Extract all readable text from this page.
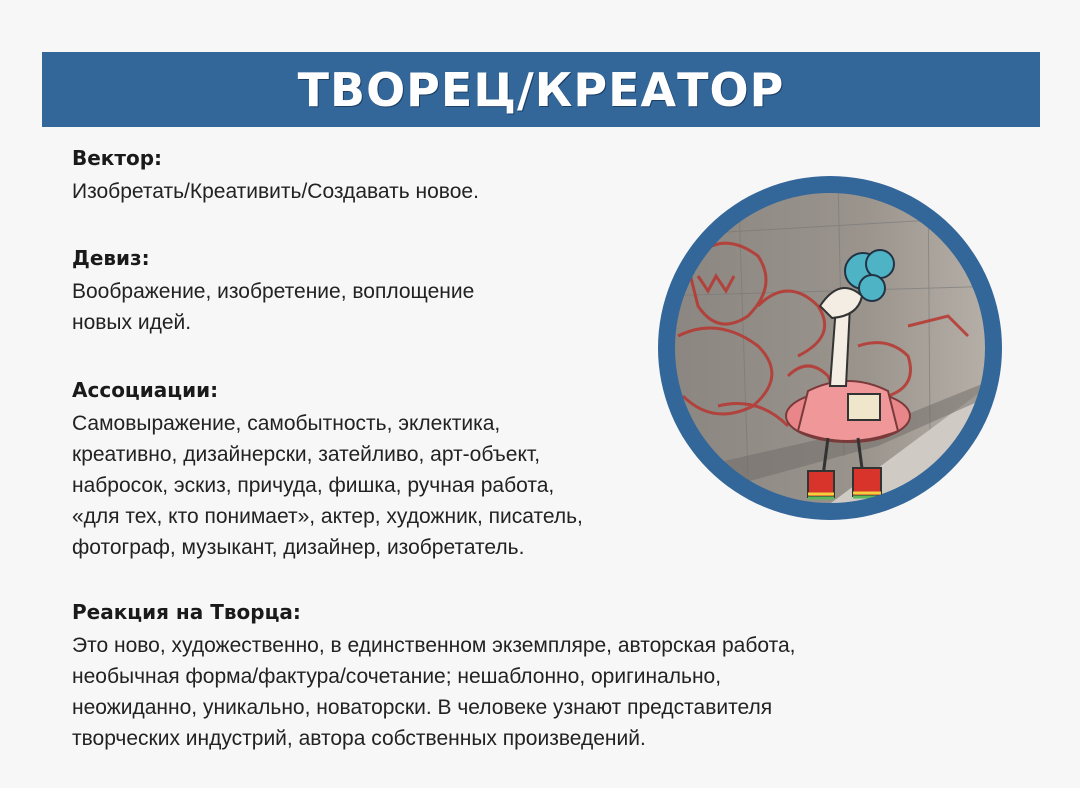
ТВОРЕЦ/КРЕАТОР
Вектор:
Изобретать/Креативить/Создавать новое.
Девиз:
Воображение, изобретение, воплощение
новых идей.
Ассоциации:
Самовыражение, самобытность, эклектика,
креативно, дизайнерски, затейливо, арт-объект,
набросок, эскиз, причуда, фишка, ручная работа,
«для тех, кто понимает», актер, художник, писатель,
фотограф, музыкант, дизайнер, изобретатель.
Реакция на Творца:
Это ново, художественно, в единственном экземпляре, авторская работа,
необычная форма/фактура/сочетание; нешаблонно, оригинально,
неожиданно, уникально, новаторски. В человеке узнают представителя
творческих индустрий, автора собственных произведений.
